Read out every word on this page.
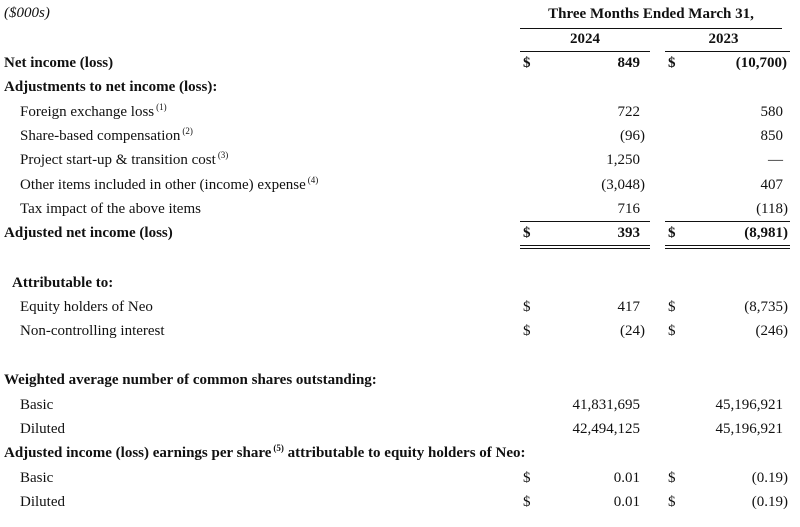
($000s)	Three Months Ended March 31,
2024	2023
Net income (loss)	$	849 $	(10,700)
Adjustments to net income (loss):
Foreign exchange loss $^{(1)}$	722	580
Share-based compensation $^{(2)}$	(96)	850
Project start-up & transition cost $^{(3)}$	1,250	—
Other items included in other (income) expense $^{(4)}$	(3,048)	407
Tax impact of the above items	716	(118)
Adjusted net income (loss)	$	393 $	(8,981)
Attributable to:
Equity holders of Neo	$	417 $	(8,735)
Non-controlling interest	$	(24) $	(246)
Weighted average number of common shares outstanding:
Basic	41,831,695	45,196,921
Diluted	42,494,125	45,196,921
Adjusted income (loss) earnings per share $^{(5)}$ attributable to equity holders of Neo:
Basic	$	0.01 $	(0.19)
Diluted	$	0.01 $	(0.19)
